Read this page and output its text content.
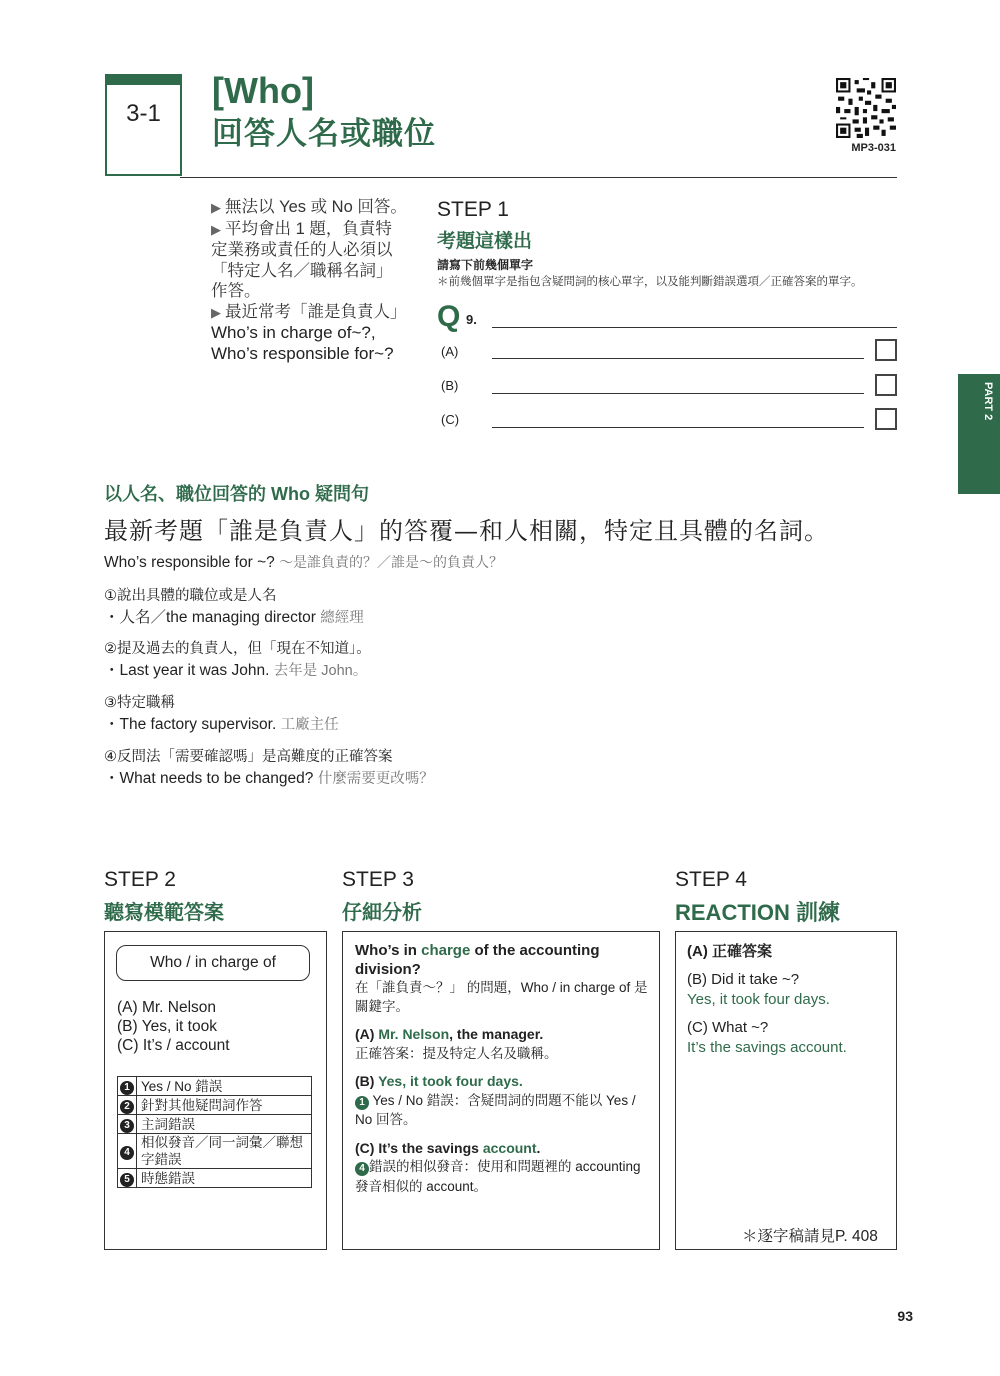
3-1
[Who]
回答人名或職位	MP3-031
PART 2
▶ 無法以 Yes 或 No 回答。
▶ 平均會出 1 題，負責特定業務或責任的人必須以「特定人名／職稱名詞」作答。
▶ 最近常考「誰是負責人」
Who’s in charge of~?,
Who’s responsible for~?
STEP 1
考題這樣出
請寫下前幾個單字
＊前幾個單字是指包含疑問詞的核心單字，以及能判斷錯誤選項／正確答案的單字。
Q 9.
(A)
(B)
(C)
以人名、職位回答的 Who 疑問句
最新考題「誰是負責人」的答覆—和人相關，特定且具體的名詞。
Who’s responsible for ~? ～是誰負責的？／誰是～的負責人？
①說出具體的職位或是人名
・人名／the managing director 總經理
②提及過去的負責人，但「現在不知道」。
・Last year it was John. 去年是 John。
③特定職稱
・The factory supervisor. 工廠主任
④反問法「需要確認嗎」是高難度的正確答案
・What needs to be changed? 什麼需要更改嗎？
STEP 2
聽寫模範答案
STEP 3
仔細分析
STEP 4
REACTION 訓練
Who / in charge of
(A) Mr. Nelson
(B) Yes, it took
(C) It’s / account
1	Yes / No 錯誤
2	針對其他疑問詞作答
3	主詞錯誤
4	相似發音／同一詞彙／聯想字錯誤
5	時態錯誤

Who’s in charge of the accounting division?
在「誰負責～？」 的問題，Who / in charge of 是關鍵字。

(A) Mr. Nelson, the manager.
正確答案：提及特定人名及職稱。

(B) Yes, it took four days.
1 Yes / No 錯誤：含疑問詞的問題不能以 Yes / No 回答。

(C) It’s the savings account.
4 錯誤的相似發音：使用和問題裡的 accounting 發音相似的 account。

(A) 正確答案

(B) Did it take ~?
Yes, it took four days.

(C) What ~?
It’s the savings account.

＊逐字稿請見P. 408
93
